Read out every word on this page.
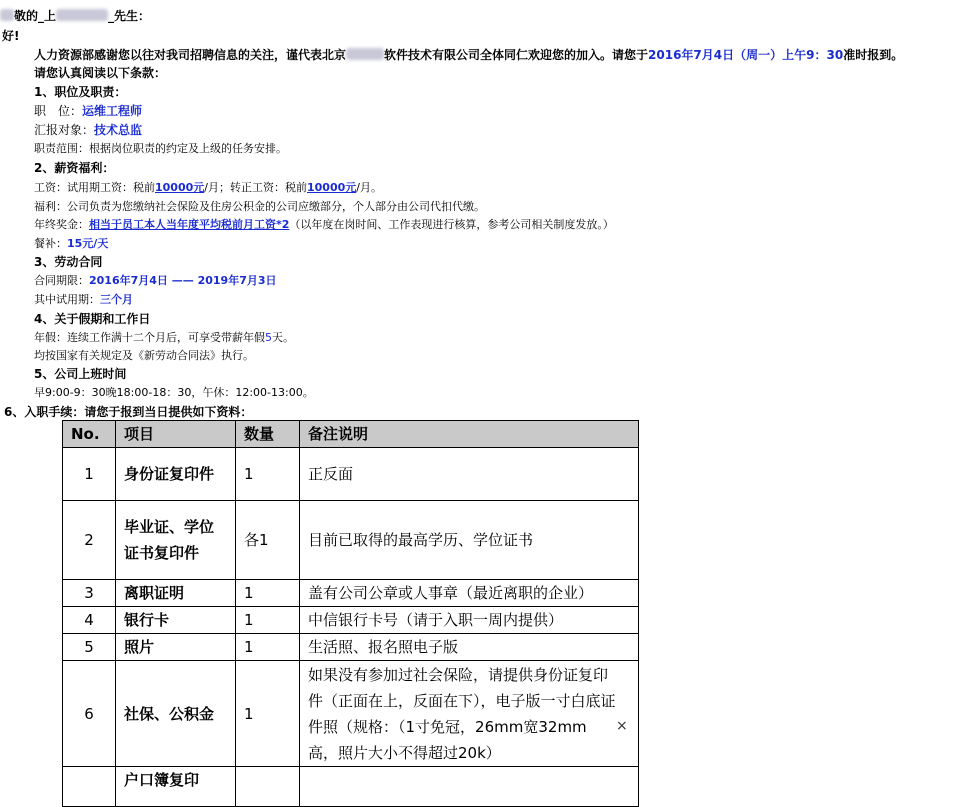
敬的_上	_先生：
好!
人力资源部感谢您以往对我司招聘信息的关注，谨代表北京	软件技术有限公司全体同仁欢迎您的加入。请您于2016年7月4日（周一）上午9：30准时报到。
请您认真阅读以下条款：
1、职位及职责：
职　位：运维工程师
汇报对象：技术总监
职责范围：根据岗位职责的约定及上级的任务安排。
2、薪资福利：
工资：试用期工资：税前10000元/月；转正工资：税前10000元/月。
福利：公司负责为您缴纳社会保险及住房公积金的公司应缴部分，个人部分由公司代扣代缴。
年终奖金：相当于员工本人当年度平均税前月工资*2（以年度在岗时间、工作表现进行核算，参考公司相关制度发放。）
餐补：15元/天
3、劳动合同
合同期限：2016年7月4日 —— 2019年7月3日
其中试用期：三个月
4、关于假期和工作日
年假：连续工作满十二个月后，可享受带薪年假5天。
均按国家有关规定及《新劳动合同法》执行。
5、公司上班时间
早9:00-9：30晚18:00-18：30，午休：12:00-13:00。
6、入职手续：请您于报到当日提供如下资料：
No.	项目	数量	备注说明
1	身份证复印件	1	正反面
2	毕业证、学位证书复印件	各1	目前已取得的最高学历、学位证书
3	离职证明	1	盖有公司公章或人事章（最近离职的企业）
4	银行卡	1	中信银行卡号（请于入职一周内提供）
5	照片	1	生活照、报名照电子版
6	社保、公积金	1	如果没有参加过社会保险，请提供身份证复印件（正面在上，反面在下），电子版一寸白底证件照（规格：（1寸免冠，26mm宽32mm高，照片大小不得超过20k）
	户口簿复印		
×
